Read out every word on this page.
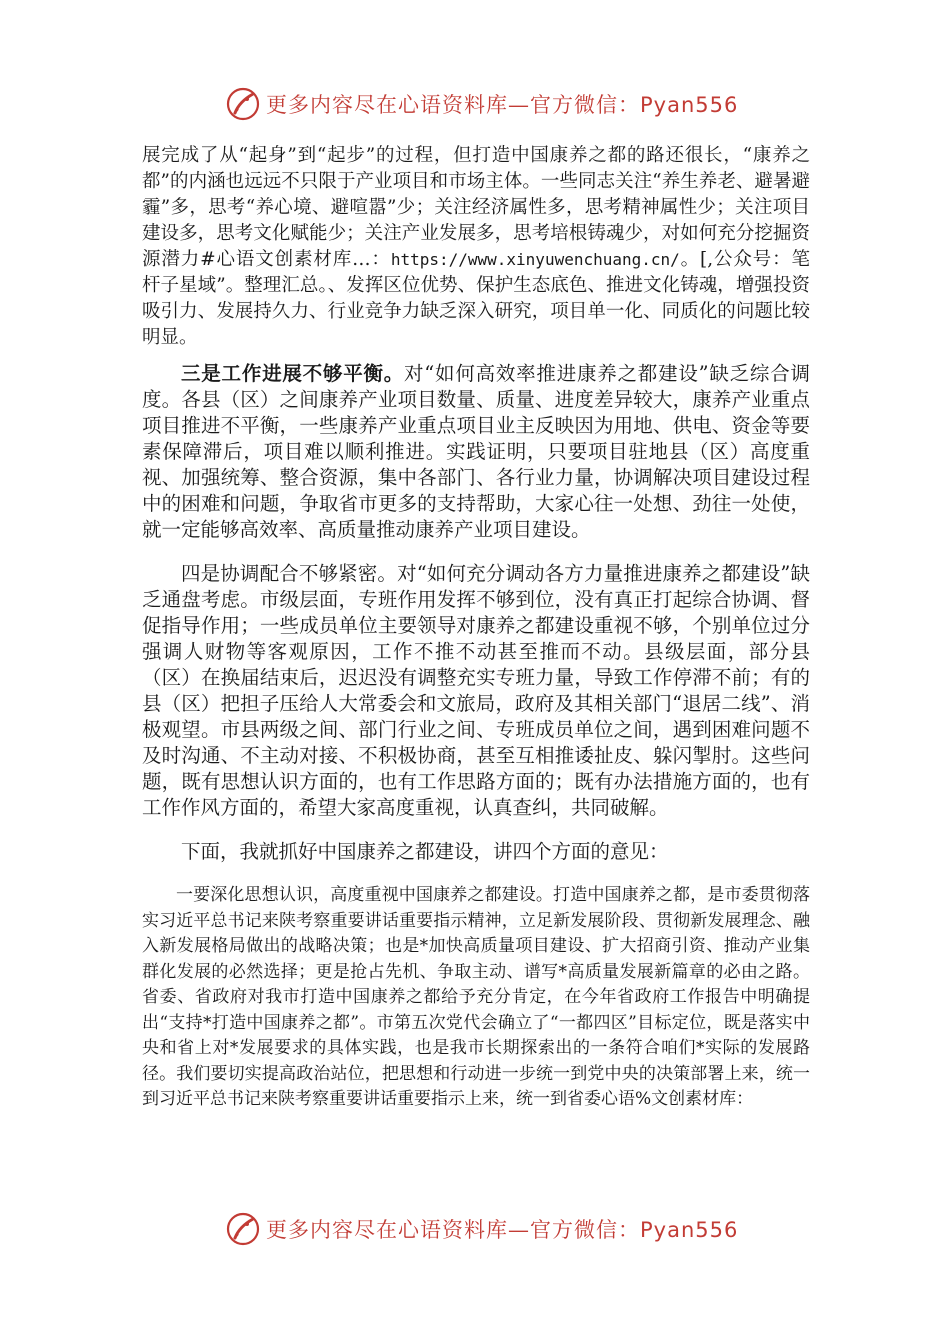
更多内容尽在心语资料库—官方微信：Pyan556

展完成了从“起身”到“起步”的过程，但打造中国康养之都的路还很长，“康养之都”的内涵也远远不只限于产业项目和市场主体。一些同志关注“养生养老、避暑避霾”多，思考“养心境、避喧嚣”少；关注经济属性多，思考精神属性少；关注项目建设多，思考文化赋能少；关注产业发展多，思考培根铸魂少，对如何充分挖掘资源潜力#心语文创素材库…：https://www.xinyuwenchuang.cn/。[,公众号：笔杆子星域”。整理汇总。、发挥区位优势、保护生态底色、推进文化铸魂，增强投资吸引力、发展持久力、行业竞争力缺乏深入研究，项目单一化、同质化的问题比较明显。

三是工作进展不够平衡。对“如何高效率推进康养之都建设”缺乏综合调度。各县（区）之间康养产业项目数量、质量、进度差异较大，康养产业重点项目推进不平衡，一些康养产业重点项目业主反映因为用地、供电、资金等要素保障滞后，项目难以顺利推进。实践证明，只要项目驻地县（区）高度重视、加强统筹、整合资源，集中各部门、各行业力量，协调解决项目建设过程中的困难和问题，争取省市更多的支持帮助，大家心往一处想、劲往一处使，就一定能够高效率、高质量推动康养产业项目建设。

四是协调配合不够紧密。对“如何充分调动各方力量推进康养之都建设”缺乏通盘考虑。市级层面，专班作用发挥不够到位，没有真正打起综合协调、督促指导作用；一些成员单位主要领导对康养之都建设重视不够，个别单位过分强调人财物等客观原因，工作不推不动甚至推而不动。县级层面，部分县（区）在换届结束后，迟迟没有调整充实专班力量，导致工作停滞不前；有的县（区）把担子压给人大常委会和文旅局，政府及其相关部门“退居二线”、消极观望。市县两级之间、部门行业之间、专班成员单位之间，遇到困难问题不及时沟通、不主动对接、不积极协商，甚至互相推诿扯皮、躲闪掣肘。这些问题，既有思想认识方面的，也有工作思路方面的；既有办法措施方面的，也有工作作风方面的，希望大家高度重视，认真查纠，共同破解。

下面，我就抓好中国康养之都建设，讲四个方面的意见：

一要深化思想认识，高度重视中国康养之都建设。打造中国康养之都，是市委贯彻落实习近平总书记来陕考察重要讲话重要指示精神，立足新发展阶段、贯彻新发展理念、融入新发展格局做出的战略决策；也是*加快高质量项目建设、扩大招商引资、推动产业集群化发展的必然选择；更是抢占先机、争取主动、谱写*高质量发展新篇章的必由之路。省委、省政府对我市打造中国康养之都给予充分肯定，在今年省政府工作报告中明确提出“支持*打造中国康养之都”。市第五次党代会确立了“一都四区”目标定位，既是落实中央和省上对*发展要求的具体实践，也是我市长期探索出的一条符合咱们*实际的发展路径。我们要切实提高政治站位，把思想和行动进一步统一到党中央的决策部署上来，统一到习近平总书记来陕考察重要讲话重要指示上来，统一到省委心语%文创素材库：

更多内容尽在心语资料库—官方微信：Pyan556
